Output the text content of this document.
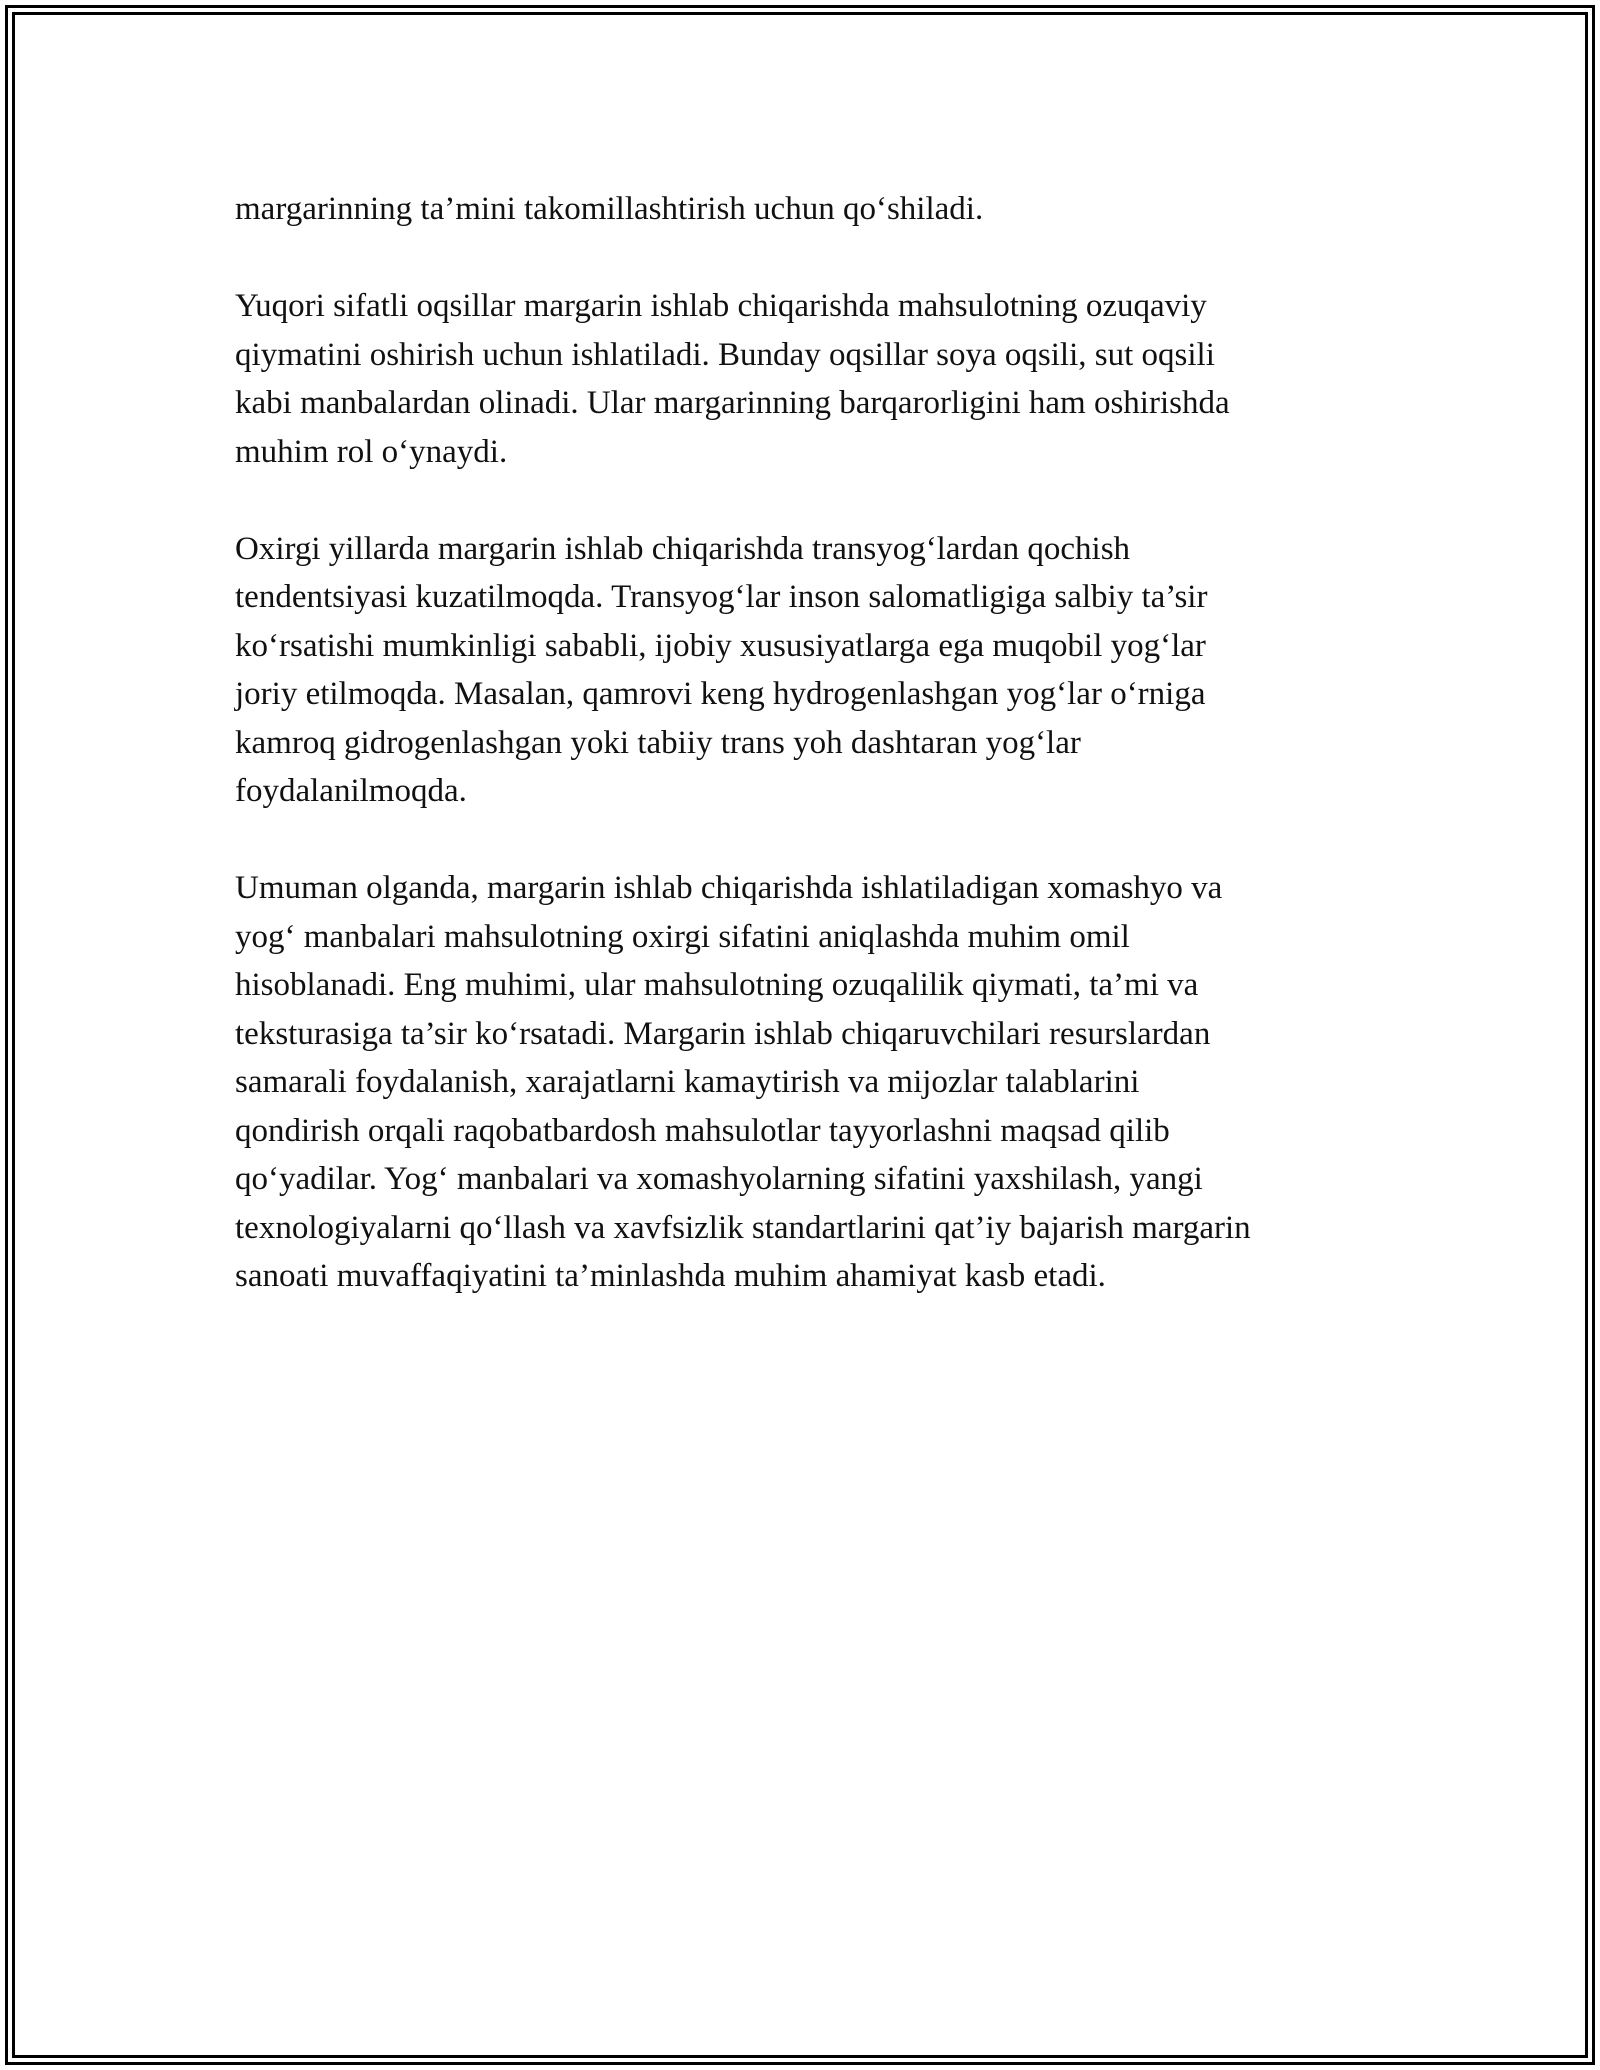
margarinning ta’mini takomillashtirish uchun qo‘shiladi.

Yuqori sifatli oqsillar margarin ishlab chiqarishda mahsulotning ozuqaviy
qiymatini oshirish uchun ishlatiladi. Bunday oqsillar soya oqsili, sut oqsili
kabi manbalardan olinadi. Ular margarinning barqarorligini ham oshirishda
muhim rol o‘ynaydi.

Oxirgi yillarda margarin ishlab chiqarishda transyog‘lardan qochish
tendentsiyasi kuzatilmoqda. Transyog‘lar inson salomatligiga salbiy ta’sir
ko‘rsatishi mumkinligi sababli, ijobiy xususiyatlarga ega muqobil yog‘lar
joriy etilmoqda. Masalan, qamrovi keng hydrogenlashgan yog‘lar o‘rniga
kamroq gidrogenlashgan yoki tabiiy trans yoh dashtaran yog‘lar
foydalanilmoqda.

Umuman olganda, margarin ishlab chiqarishda ishlatiladigan xomashyo va
yog‘ manbalari mahsulotning oxirgi sifatini aniqlashda muhim omil
hisoblanadi. Eng muhimi, ular mahsulotning ozuqalilik qiymati, ta’mi va
teksturasiga ta’sir ko‘rsatadi. Margarin ishlab chiqaruvchilari resurslardan
samarali foydalanish, xarajatlarni kamaytirish va mijozlar talablarini
qondirish orqali raqobatbardosh mahsulotlar tayyorlashni maqsad qilib
qo‘yadilar. Yog‘ manbalari va xomashyolarning sifatini yaxshilash, yangi
texnologiyalarni qo‘llash va xavfsizlik standartlarini qat’iy bajarish margarin
sanoati muvaffaqiyatini ta’minlashda muhim ahamiyat kasb etadi.
